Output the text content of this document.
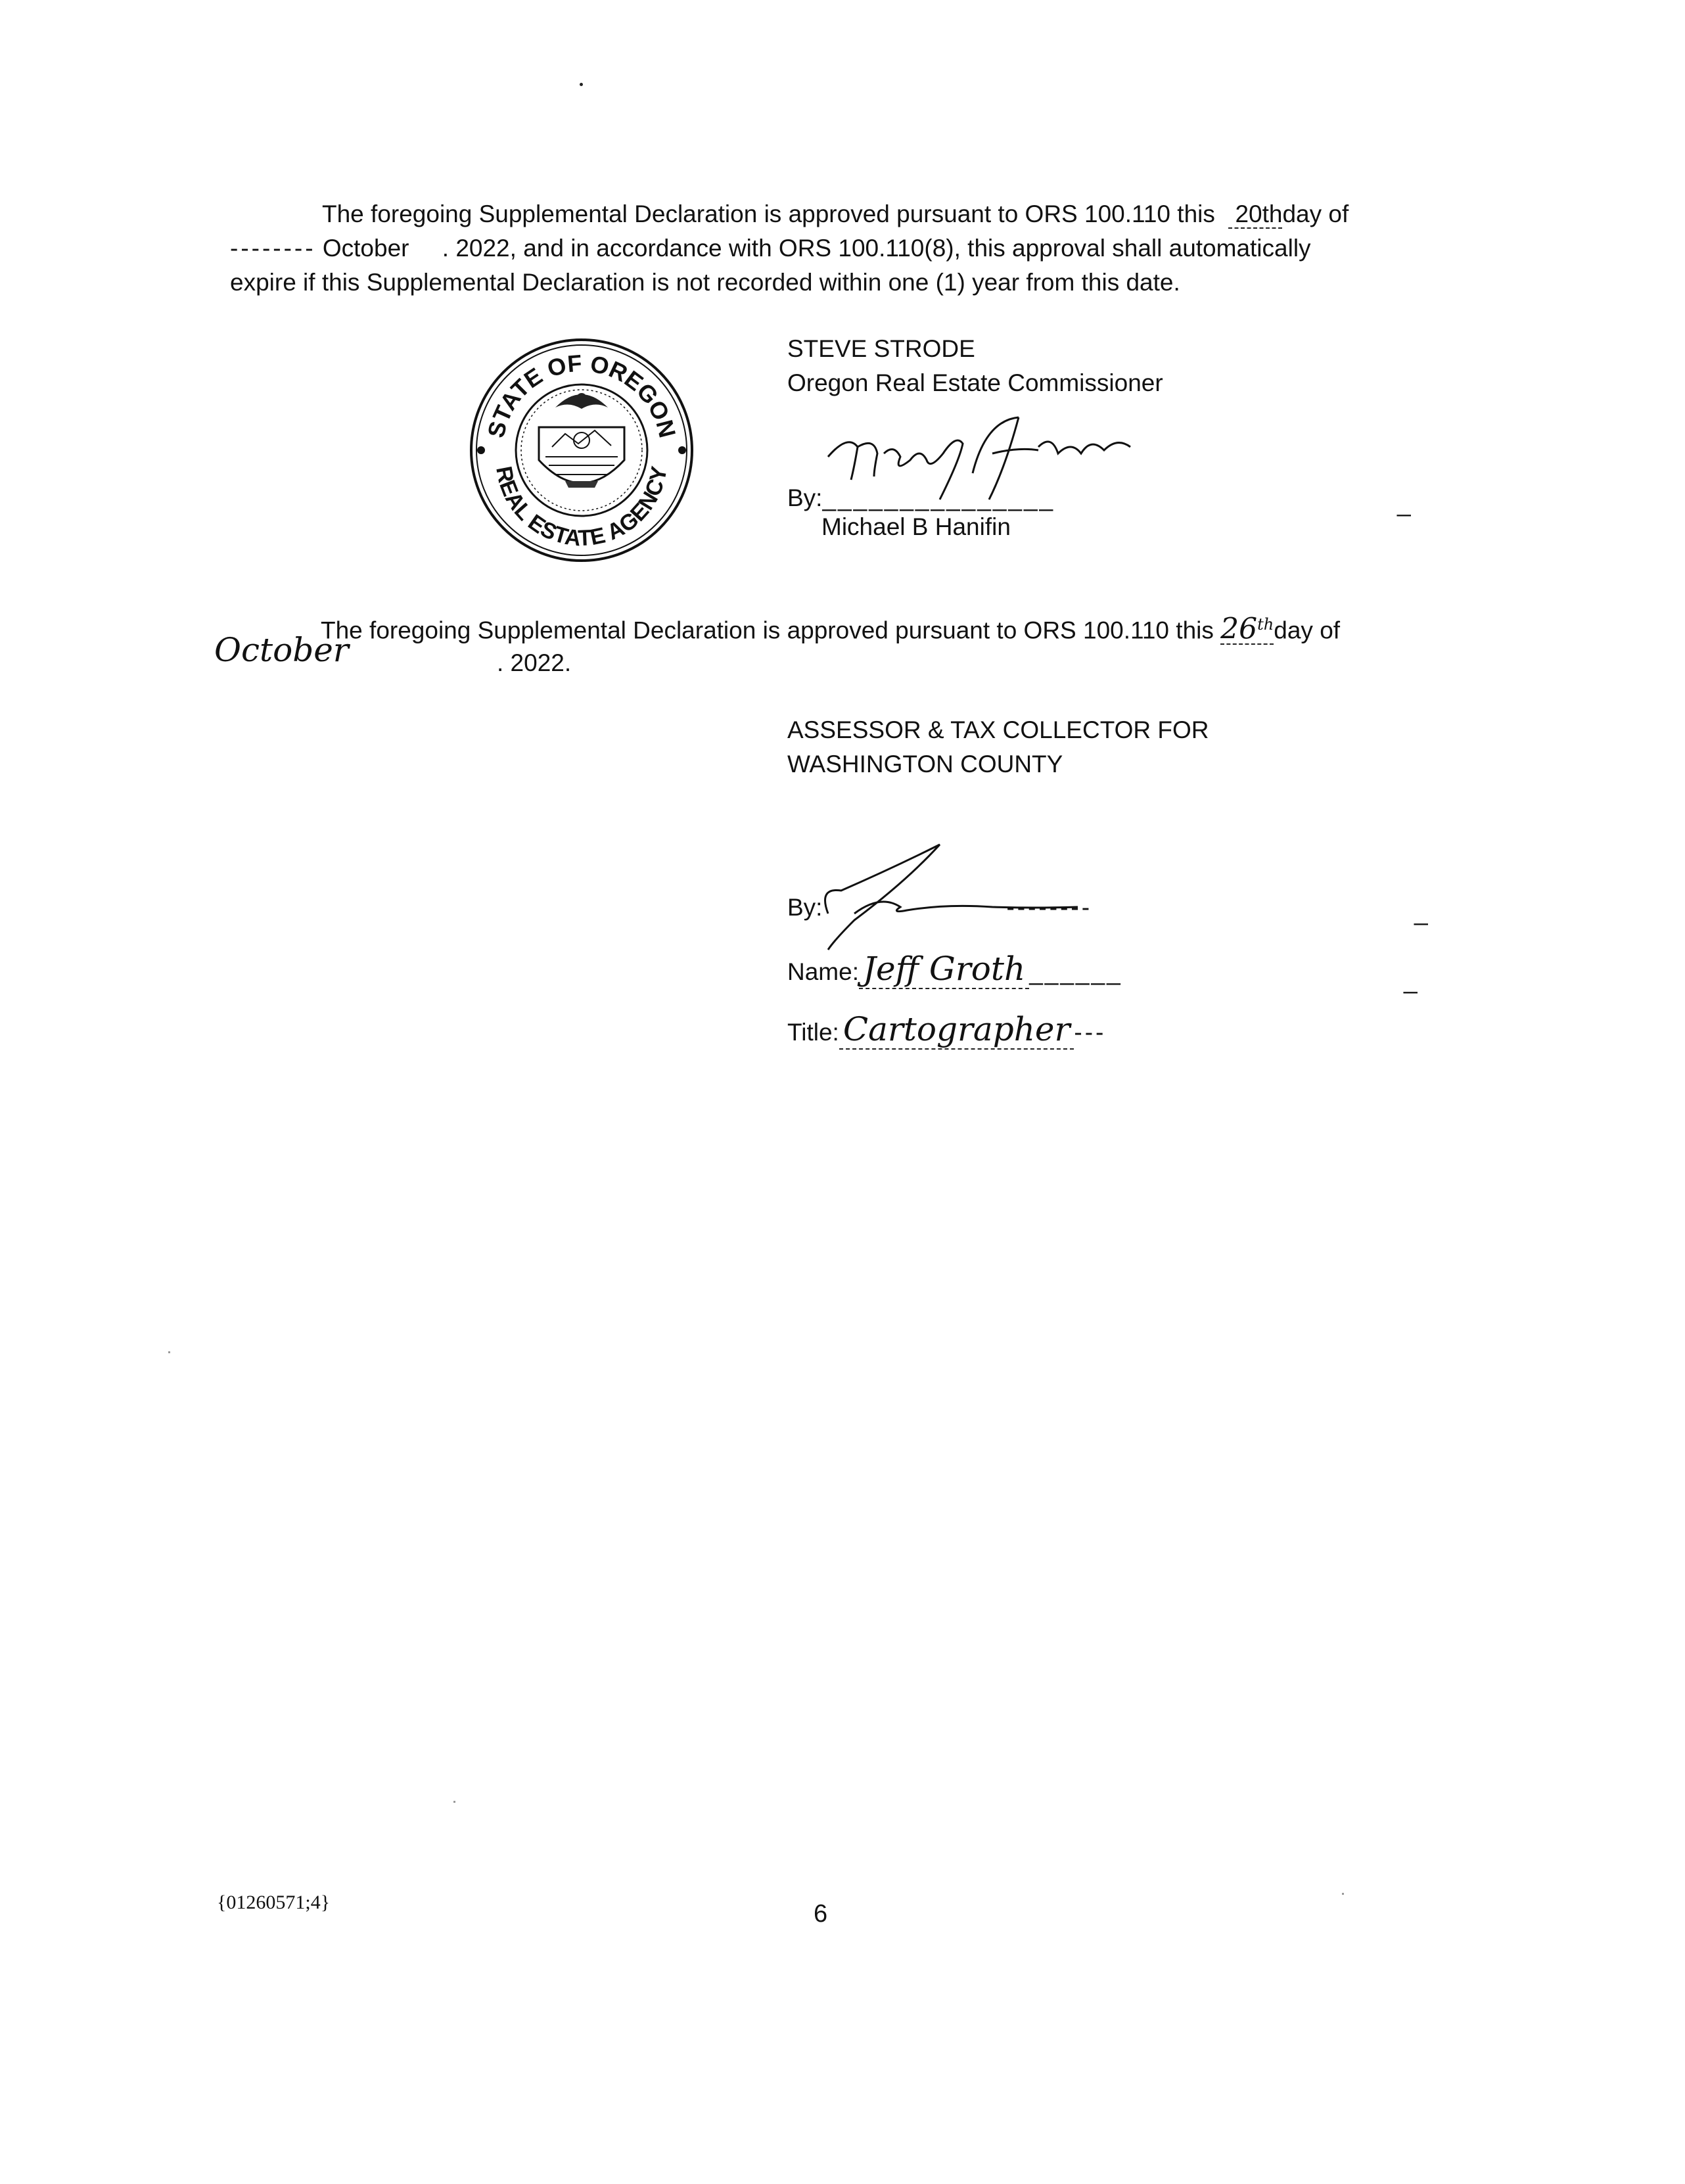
The foregoing Supplemental Declaration is approved pursuant to ORS 100.110 this 20thday of
-------- October . 2022, and in accordance with ORS 100.110(8), this approval shall automatically
expire if this Supplemental Declaration is not recorded within one (1) year from this date.
STATE OF OREGON
REAL ESTATE AGENCY
STEVE STRODE
Oregon Real Estate Commissioner
By:_______________
Michael B Hanifin
_
October
The foregoing Supplemental Declaration is approved pursuant to ORS 100.110 this 26thday of
. 2022.
ASSESSOR & TAX COLLECTOR FOR
WASHINGTON COUNTY
By:	--------	_
Name: Jeff Groth ______	_
Title: Cartographer ---
{01260571;4}	6
